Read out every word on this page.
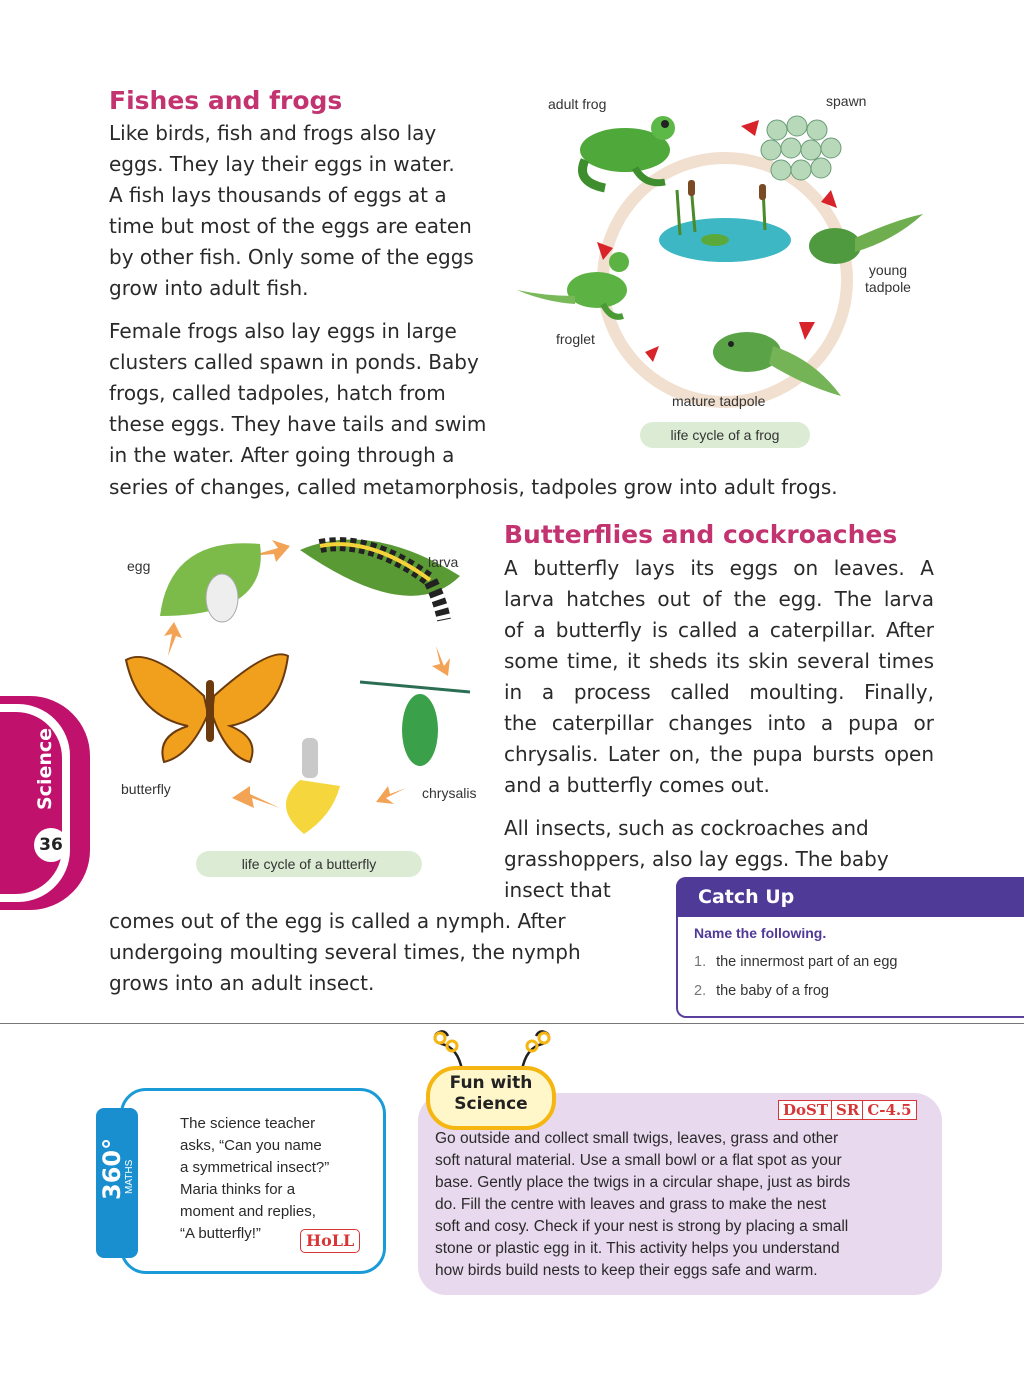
Fishes and frogs

Like birds, fish and frogs also lay

eggs. They lay their eggs in water.

A fish lays thousands of eggs at a

time but most of the eggs are eaten

by other fish. Only some of the eggs

grow into adult fish.

Female frogs also lay eggs in large

clusters called spawn in ponds. Baby

frogs, called tadpoles, hatch from

these eggs. They have tails and swim

in the water. After going through a

series of changes, called metamorphosis, tadpoles grow into adult frogs.

adult frog	spawn
young
tadpole
froglet
mature tadpole
life cycle of a frog
egg	larva
chrysalis
butterfly
life cycle of a butterfly
Butterflies and cockroaches

A butterfly lays its eggs on leaves. A

larva hatches out of the egg. The larva

of a butterfly is called a caterpillar. After

some time, it sheds its skin several times

in a process called moulting. Finally,

the caterpillar changes into a pupa or

chrysalis. Later on, the pupa bursts open

and a butterfly comes out.

All insects, such as cockroaches and

grasshoppers, also lay eggs. The baby

insect that

comes out of the egg is called a nymph. After

undergoing moulting several times, the nymph

grows into an adult insect.

Science
36
Catch Up
Name the following.
1. the innermost part of an egg
2. the baby of a frog
360°
MATHS
The science teacher
asks, “Can you name
a symmetrical insect?”
Maria thinks for a
moment and replies,
“A butterfly!”	HoLL
Fun with
Science	DoST SR C-4.5
Go outside and collect small twigs, leaves, grass and other
soft natural material. Use a small bowl or a flat spot as your
base. Gently place the twigs in a circular shape, just as birds
do. Fill the centre with leaves and grass to make the nest
soft and cosy. Check if your nest is strong by placing a small
stone or plastic egg in it. This activity helps you understand
how birds build nests to keep their eggs safe and warm.
